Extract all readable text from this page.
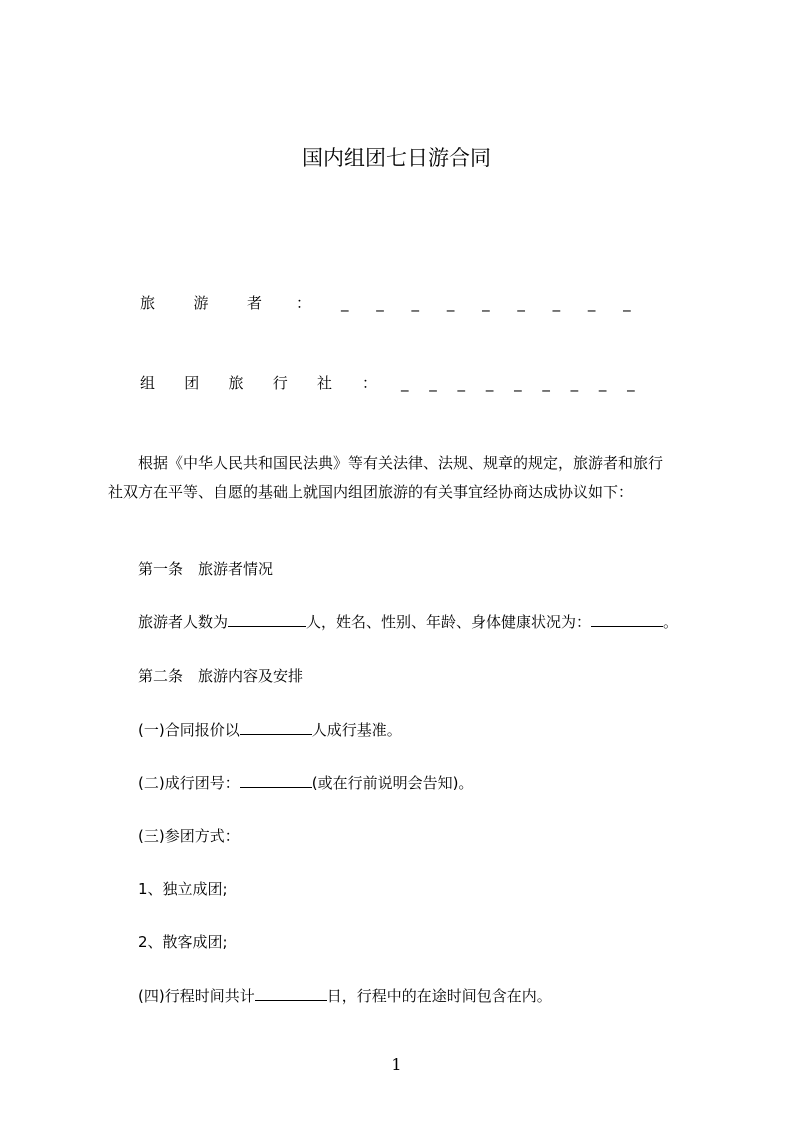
国内组团七日游合同
旅	游	者 ： _ _ _ _ _ _ _ _ _
组 团 旅 行 社 ： _ _ _ _ _ _ _ _ _
根据《中华人民共和国民法典》等有关法律、法规、规章的规定，旅游者和旅行
社双方在平等、自愿的基础上就国内组团旅游的有关事宜经协商达成协议如下：
第一条　旅游者情况
旅游者人数为	人，姓名、性别、年龄、身体健康状况为：	。
第二条　旅游内容及安排
(一)合同报价以	人成行基准。
(二)成行团号：	(或在行前说明会告知)。
(三)参团方式：
1、独立成团;
2、散客成团;
(四)行程时间共计	日，行程中的在途时间包含在内。
1
